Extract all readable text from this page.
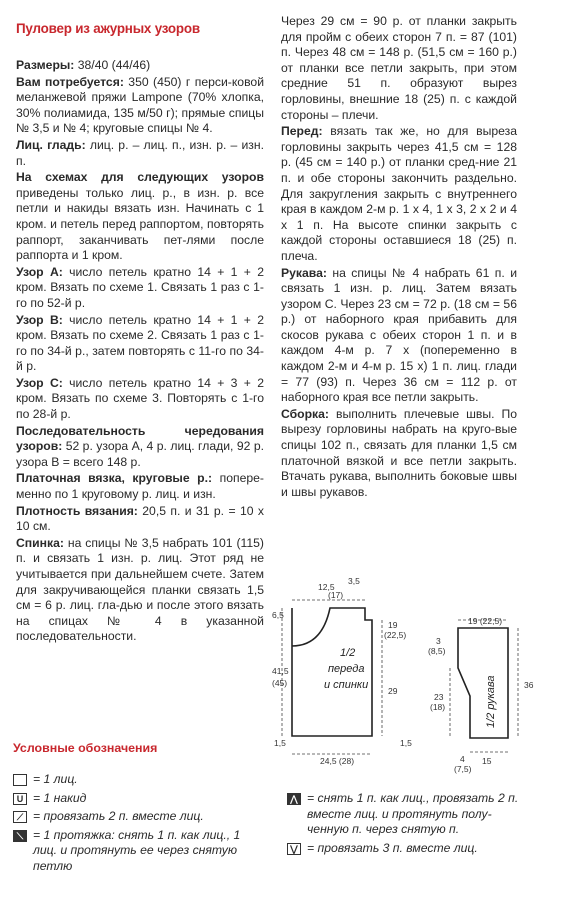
Пуловер из ажурных узоров
Размеры: 38/40 (44/46)
Вам потребуется: 350 (450) г перси-ковой меланжевой пряжи Lampone (70% хлопка, 30% полиамида, 135 м/50 г); прямые спицы № 3,5 и № 4; круговые спицы № 4.
Лиц. гладь: лиц. р. – лиц. п., изн. р. – изн. п.
На схемах для следующих узоров приведены только лиц. р., в изн. р. все петли и накиды вязать изн. Начинать с 1 кром. и петель перед раппортом, повторять раппорт, заканчивать пет-лями после раппорта и 1 кром.
Узор А: число петель кратно 14 + 1 + 2 кром. Вязать по схеме 1. Связать 1 раз с 1-го по 52-й р.
Узор В: число петель кратно 14 + 1 + 2 кром. Вязать по схеме 2. Связать 1 раз с 1-го по 34-й р., затем повторять с 11-го по 34-й р.
Узор С: число петель кратно 14 + 3 + 2 кром. Вязать по схеме 3. Повторять с 1-го по 28-й р.
Последовательность чередования узоров: 52 р. узора А, 4 р. лиц. глади, 92 р. узора В = всего 148 р.
Платочная вязка, круговые р.: попере-менно по 1 круговому р. лиц. и изн.
Плотность вязания: 20,5 п. и 31 р. = 10 х 10 см.
Спинка: на спицы № 3,5 набрать 101 (115) п. и связать 1 изн. р. лиц. Этот ряд не учитывается при дальнейшем счете. Затем для закручивающейся планки связать 1,5 см = 6 р. лиц. гла-дью и после этого вязать на спицах № 4 в указанной последовательности.
Через 29 см = 90 р. от планки закрыть для пройм с обеих сторон 7 п. = 87 (101) п. Через 48 см = 148 р. (51,5 см = 160 р.) от планки все петли закрыть, при этом средние 51 п. образуют вырез горловины, внешние 18 (25) п. с каждой стороны – плечи.
Перед: вязать так же, но для выреза горловины закрыть через 41,5 см = 128 р. (45 см = 140 р.) от планки сред-ние 21 п. и обе стороны закончить раздельно. Для закругления закрыть с внутреннего края в каждом 2-м р. 1 х 4, 1 х 3, 2 х 2 и 4 х 1 п. На высоте спинки закрыть с каждой стороны оставшиеся 18 (25) п. плеча.
Рукава: на спицы № 4 набрать 61 п. и связать 1 изн. р. лиц. Затем вязать узором С. Через 23 см = 72 р. (18 см = 56 р.) от наборного края прибавить для скосов рукава с обеих сторон 1 п. и в каждом 4-м р. 7 х (попеременно в каждом 2-м и 4-м р. 15 х) 1 п. лиц. глади = 77 (93) п. Через 36 см = 112 р. от наборного края все петли закрыть.
Сборка: выполнить плечевые швы. По вырезу горловины набрать на круго-вые спицы 102 п., связать для планки 1,5 см платочной вязкой и все петли закрыть. Втачать рукава, выполнить боковые швы и швы рукавов.
Условные обозначения
= 1 лиц.
U = 1 накид
⟋ = провязать 2 п. вместе лиц.
⟍ = 1 протяжка: снять 1 п. как лиц., 1 лиц. и протянуть ее через снятую петлю
⋀ = снять 1 п. как лиц., провязать 2 п. вместе лиц. и протянуть полу-ченную п. через снятую п.
⋁ = провязать 3 п. вместе лиц.
12,5
(17)
3,5
6,5
41,5
(45)
19
(22,5)
29
1,5
24,5 (28)
1,5
1/2
переда
и спинки
19 (22,5)
3
(8,5)
36
23
(18)
15
4
(7,5)
1/2 рукава
